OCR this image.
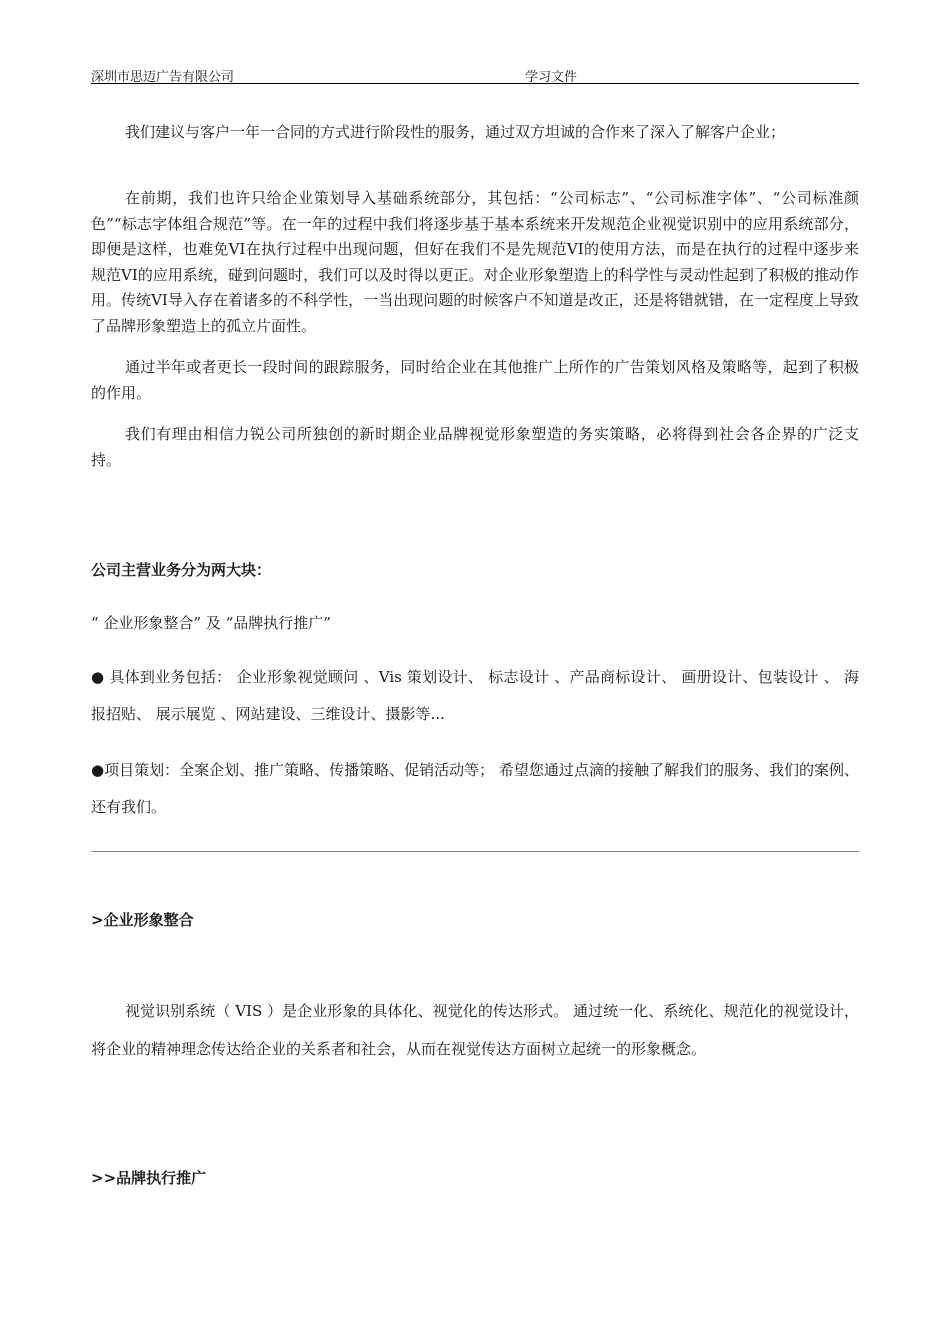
深圳市思迈广告有限公司	学习文件

我们建议与客户一年一合同的方式进行阶段性的服务，通过双方坦诚的合作来了深入了解客户企业；

在前期，我们也许只给企业策划导入基础系统部分，其包括：“公司标志”、“公司标准字体”、“公司标准颜色”“标志字体组合规范”等。在一年的过程中我们将逐步基于基本系统来开发规范企业视觉识别中的应用系统部分，即便是这样，也难免VI在执行过程中出现问题，但好在我们不是先规范VI的使用方法，而是在执行的过程中逐步来规范VI的应用系统，碰到问题时，我们可以及时得以更正。对企业形象塑造上的科学性与灵动性起到了积极的推动作用。传统VI导入存在着诸多的不科学性，一当出现问题的时候客户不知道是改正，还是将错就错，在一定程度上导致了品牌形象塑造上的孤立片面性。

通过半年或者更长一段时间的跟踪服务，同时给企业在其他推广上所作的广告策划风格及策略等，起到了积极的作用。

我们有理由相信力锐公司所独创的新时期企业品牌视觉形象塑造的务实策略，必将得到社会各企界的广泛支持。

公司主营业务分为两大块：

“ 企业形象整合” 及 “品牌执行推广”

● 具体到业务包括： 企业形象视觉顾问 、Vis 策划设计、 标志设计 、产品商标设计、 画册设计、包装设计 、 海报招贴、 展示展览 、网站建设、三维设计、摄影等...

●项目策划：全案企划、推广策略、传播策略、促销活动等； 希望您通过点滴的接触了解我们的服务、我们的案例、还有我们。

>企业形象整合

视觉识别系统（ VIS ）是企业形象的具体化、视觉化的传达形式。 通过统一化、系统化、规范化的视觉设计，将企业的精神理念传达给企业的关系者和社会，从而在视觉传达方面树立起统一的形象概念。

>>品牌执行推广
